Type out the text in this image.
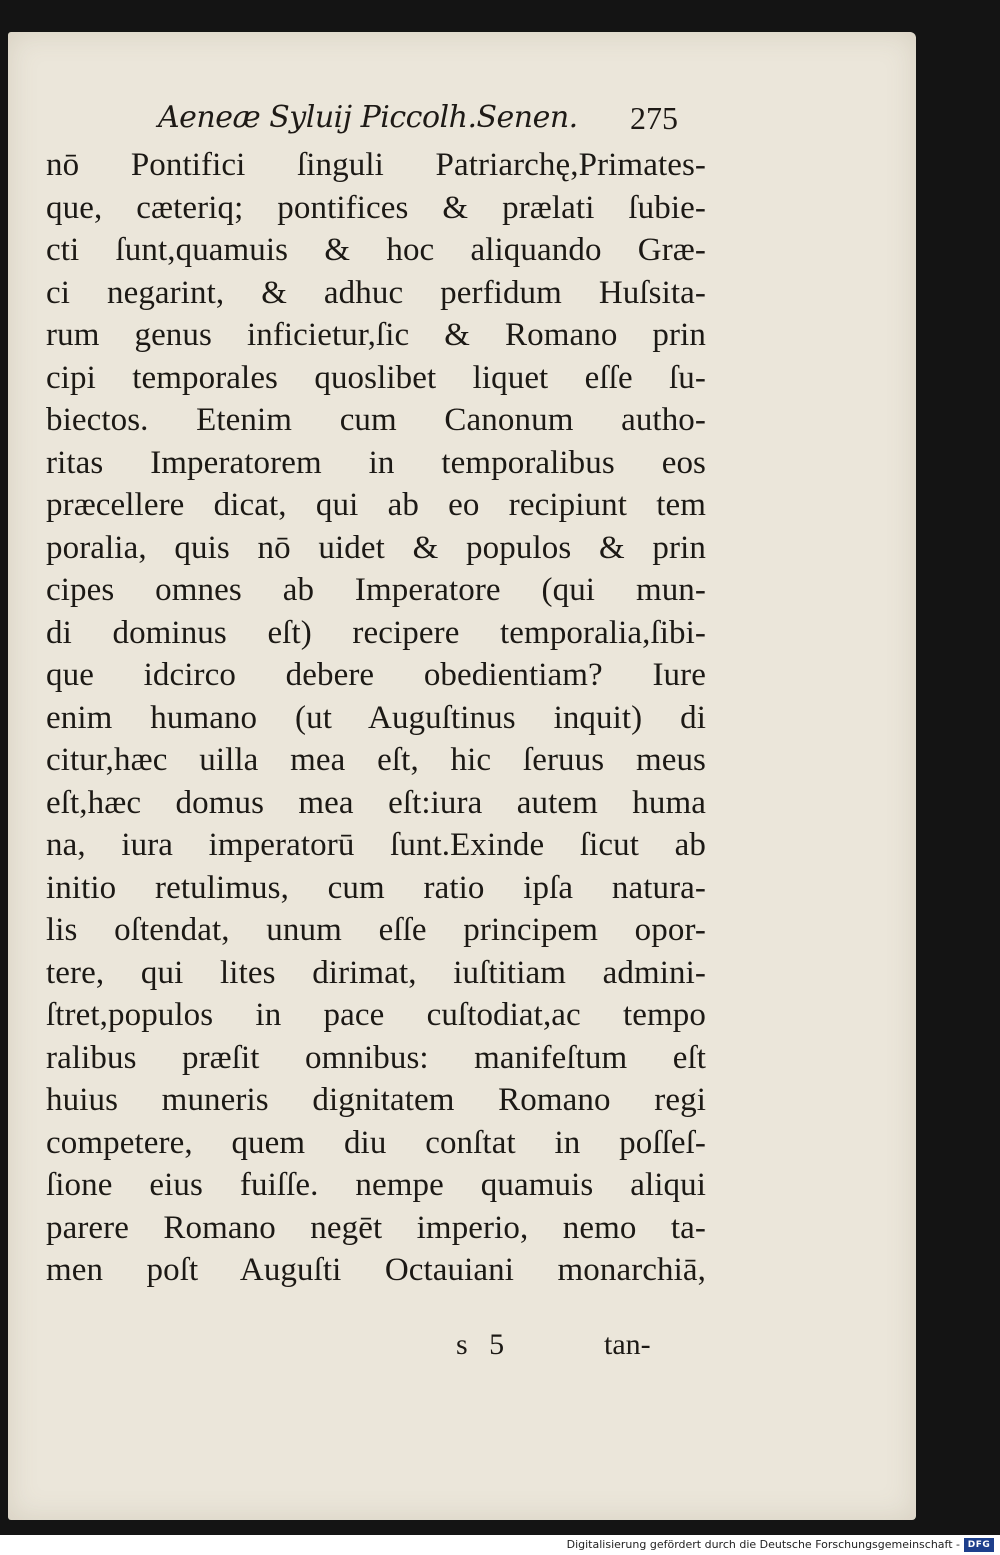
Aeneæ Syluij Piccolh.Senen. 275
nō Pontifici ſinguli Patriarchę,Primates-
que, cæteriq; pontifices & prælati ſubie-
cti ſunt,quamuis & hoc aliquando Græ-
ci negarint, & adhuc perfidum Huſsita-
rum genus inficietur,ſic & Romano prin
cipi temporales quoslibet liquet eſſe ſu-
biectos. Etenim cum Canonum autho-
ritas Imperatorem in temporalibus eos
præcellere dicat, qui ab eo recipiunt tem
poralia, quis nō uidet & populos & prin
cipes omnes ab Imperatore (qui mun-
di dominus eſt) recipere temporalia,ſibi-
que idcirco debere obedientiam? Iure
enim humano (ut Auguſtinus inquit) di
citur,hæc uilla mea eſt, hic ſeruus meus
eſt,hæc domus mea eſt:iura autem huma
na, iura imperatorū ſunt.Exinde ſicut ab
initio retulimus, cum ratio ipſa natura-
lis oſtendat, unum eſſe principem opor-
tere, qui lites dirimat, iuſtitiam admini-
ſtret,populos in pace cuſtodiat,ac tempo
ralibus præſit omnibus: manifeſtum eſt
huius muneris dignitatem Romano regi
competere, quem diu conſtat in poſſeſ-
ſione eius fuiſſe. nempe quamuis aliqui
parere Romano negēt imperio, nemo ta-
men poſt Auguſti Octauiani monarchiā,
s 5	tan-
Digitalisierung gefördert durch die Deutsche Forschungsgemeinschaft - DFG
